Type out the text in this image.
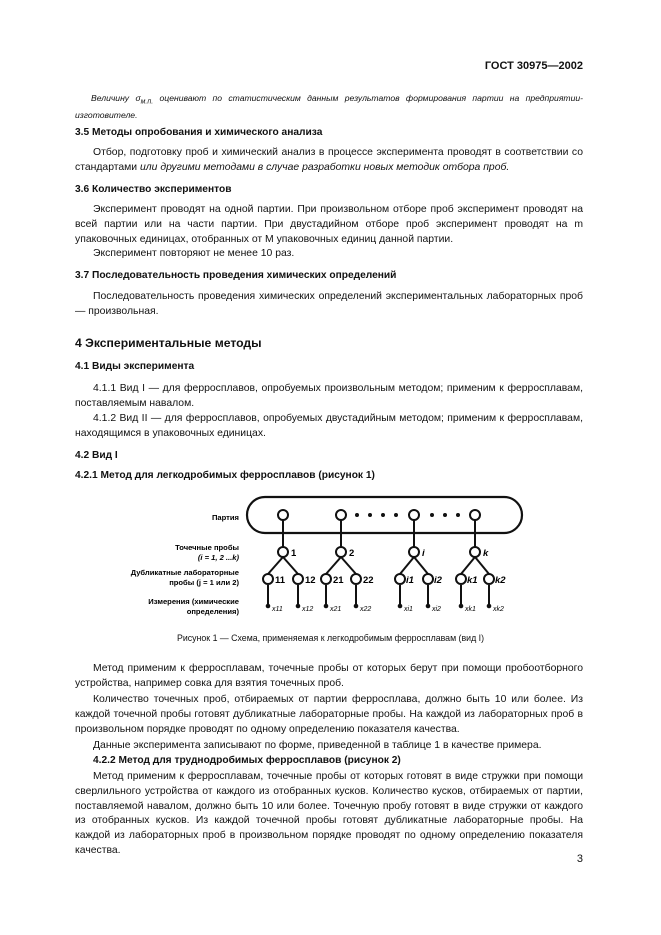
ГОСТ 30975—2002

Величину $\sigma_{м.п.}$ оценивают по статистическим данным результатов формирования партии на предприятии-изготовителе.

3.5 Методы опробования и химического анализа

Отбор, подготовку проб и химический анализ в процессе эксперимента проводят в соответствии со стандартами или другими методами в случае разработки новых методик отбора проб.

3.6 Количество экспериментов

Эксперимент проводят на одной партии. При произвольном отборе проб эксперимент проводят на всей партии или на части партии. При двустадийном отборе проб эксперимент проводят на m упаковочных единицах, отобранных от M упаковочных единиц данной партии.

Эксперимент повторяют не менее 10 раз.

3.7 Последовательность проведения химических определений

Последовательность проведения химических определений экспериментальных лабораторных проб — произвольная.

4 Экспериментальные методы
4.1 Виды эксперимента

4.1.1 Вид I — для ферросплавов, опробуемых произвольным методом; применим к ферросплавам, поставляемым навалом.

4.1.2 Вид II — для ферросплавов, опробуемых двустадийным методом; применим к ферросплавам, находящимся в упаковочных единицах.

4.2 Вид I
4.2.1 Метод для легкодробимых ферросплавов (рисунок 1)
Партия
1	2	i	k
11 12 21 22	i1 i2	k1 k2
x11	x12 x21	x22	xi1	xi2	xk1 xk2
Точечные пробы
(i = 1, 2 ...k)
Дубликатные лабораторные
пробы (j = 1 или 2)
Измерения (химические
определения)
Рисунок 1 — Схема, применяемая к легкодробимым ферросплавам (вид I)

Метод применим к ферросплавам, точечные пробы от которых берут при помощи пробоотборного устройства, например совка для взятия точечных проб.

Количество точечных проб, отбираемых от партии ферросплава, должно быть 10 или более. Из каждой точечной пробы готовят дубликатные лабораторные пробы. На каждой из лабораторных проб в произвольном порядке проводят по одному определению показателя качества.

Данные эксперимента записывают по форме, приведенной в таблице 1 в качестве примера.

4.2.2 Метод для труднодробимых ферросплавов (рисунок 2)

Метод применим к ферросплавам, точечные пробы от которых готовят в виде стружки при помощи сверлильного устройства от каждого из отобранных кусков. Количество кусков, отбираемых от партии, поставляемой навалом, должно быть 10 или более. Точечную пробу готовят в виде стружки от каждого из отобранных кусков. Из каждой точечной пробы готовят дубликатные лабораторные пробы. На каждой из лабораторных проб в произвольном порядке проводят по одному определению показателя качества.

3
